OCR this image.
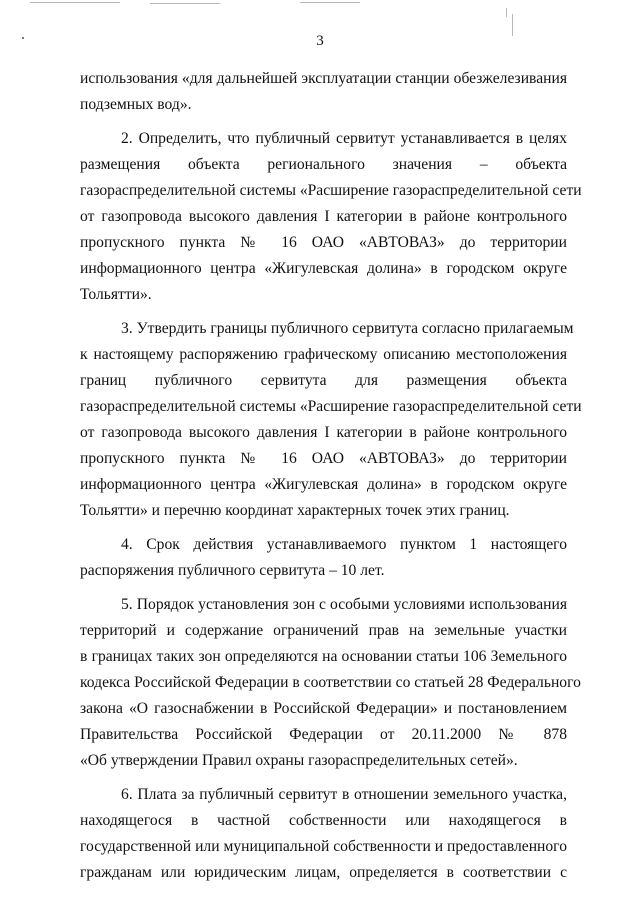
3
использования «для дальнейшей эксплуатации станции обезжелезивания
подземных вод».
2. Определить, что публичный сервитут устанавливается в целях
размещения объекта регионального значения – объекта
газораспределительной системы «Расширение газораспределительной сети
от газопровода высокого давления I категории в районе контрольного
пропускного пункта № 16 ОАО «АВТОВАЗ» до территории
информационного центра «Жигулевская долина» в городском округе
Тольятти».
3. Утвердить границы публичного сервитута согласно прилагаемым
к настоящему распоряжению графическому описанию местоположения
границ публичного сервитута для размещения объекта
газораспределительной системы «Расширение газораспределительной сети
от газопровода высокого давления I категории в районе контрольного
пропускного пункта № 16 ОАО «АВТОВАЗ» до территории
информационного центра «Жигулевская долина» в городском округе
Тольятти» и перечню координат характерных точек этих границ.
4. Срок действия устанавливаемого пунктом 1 настоящего
распоряжения публичного сервитута – 10 лет.
5. Порядок установления зон с особыми условиями использования
территорий и содержание ограничений прав на земельные участки
в границах таких зон определяются на основании статьи 106 Земельного
кодекса Российской Федерации в соответствии со статьей 28 Федерального
закона «О газоснабжении в Российской Федерации» и постановлением
Правительства Российской Федерации от 20.11.2000 № 878
«Об утверждении Правил охраны газораспределительных сетей».
6. Плата за публичный сервитут в отношении земельного участка,
находящегося в частной собственности или находящегося в
государственной или муниципальной собственности и предоставленного
гражданам или юридическим лицам, определяется в соответствии с
